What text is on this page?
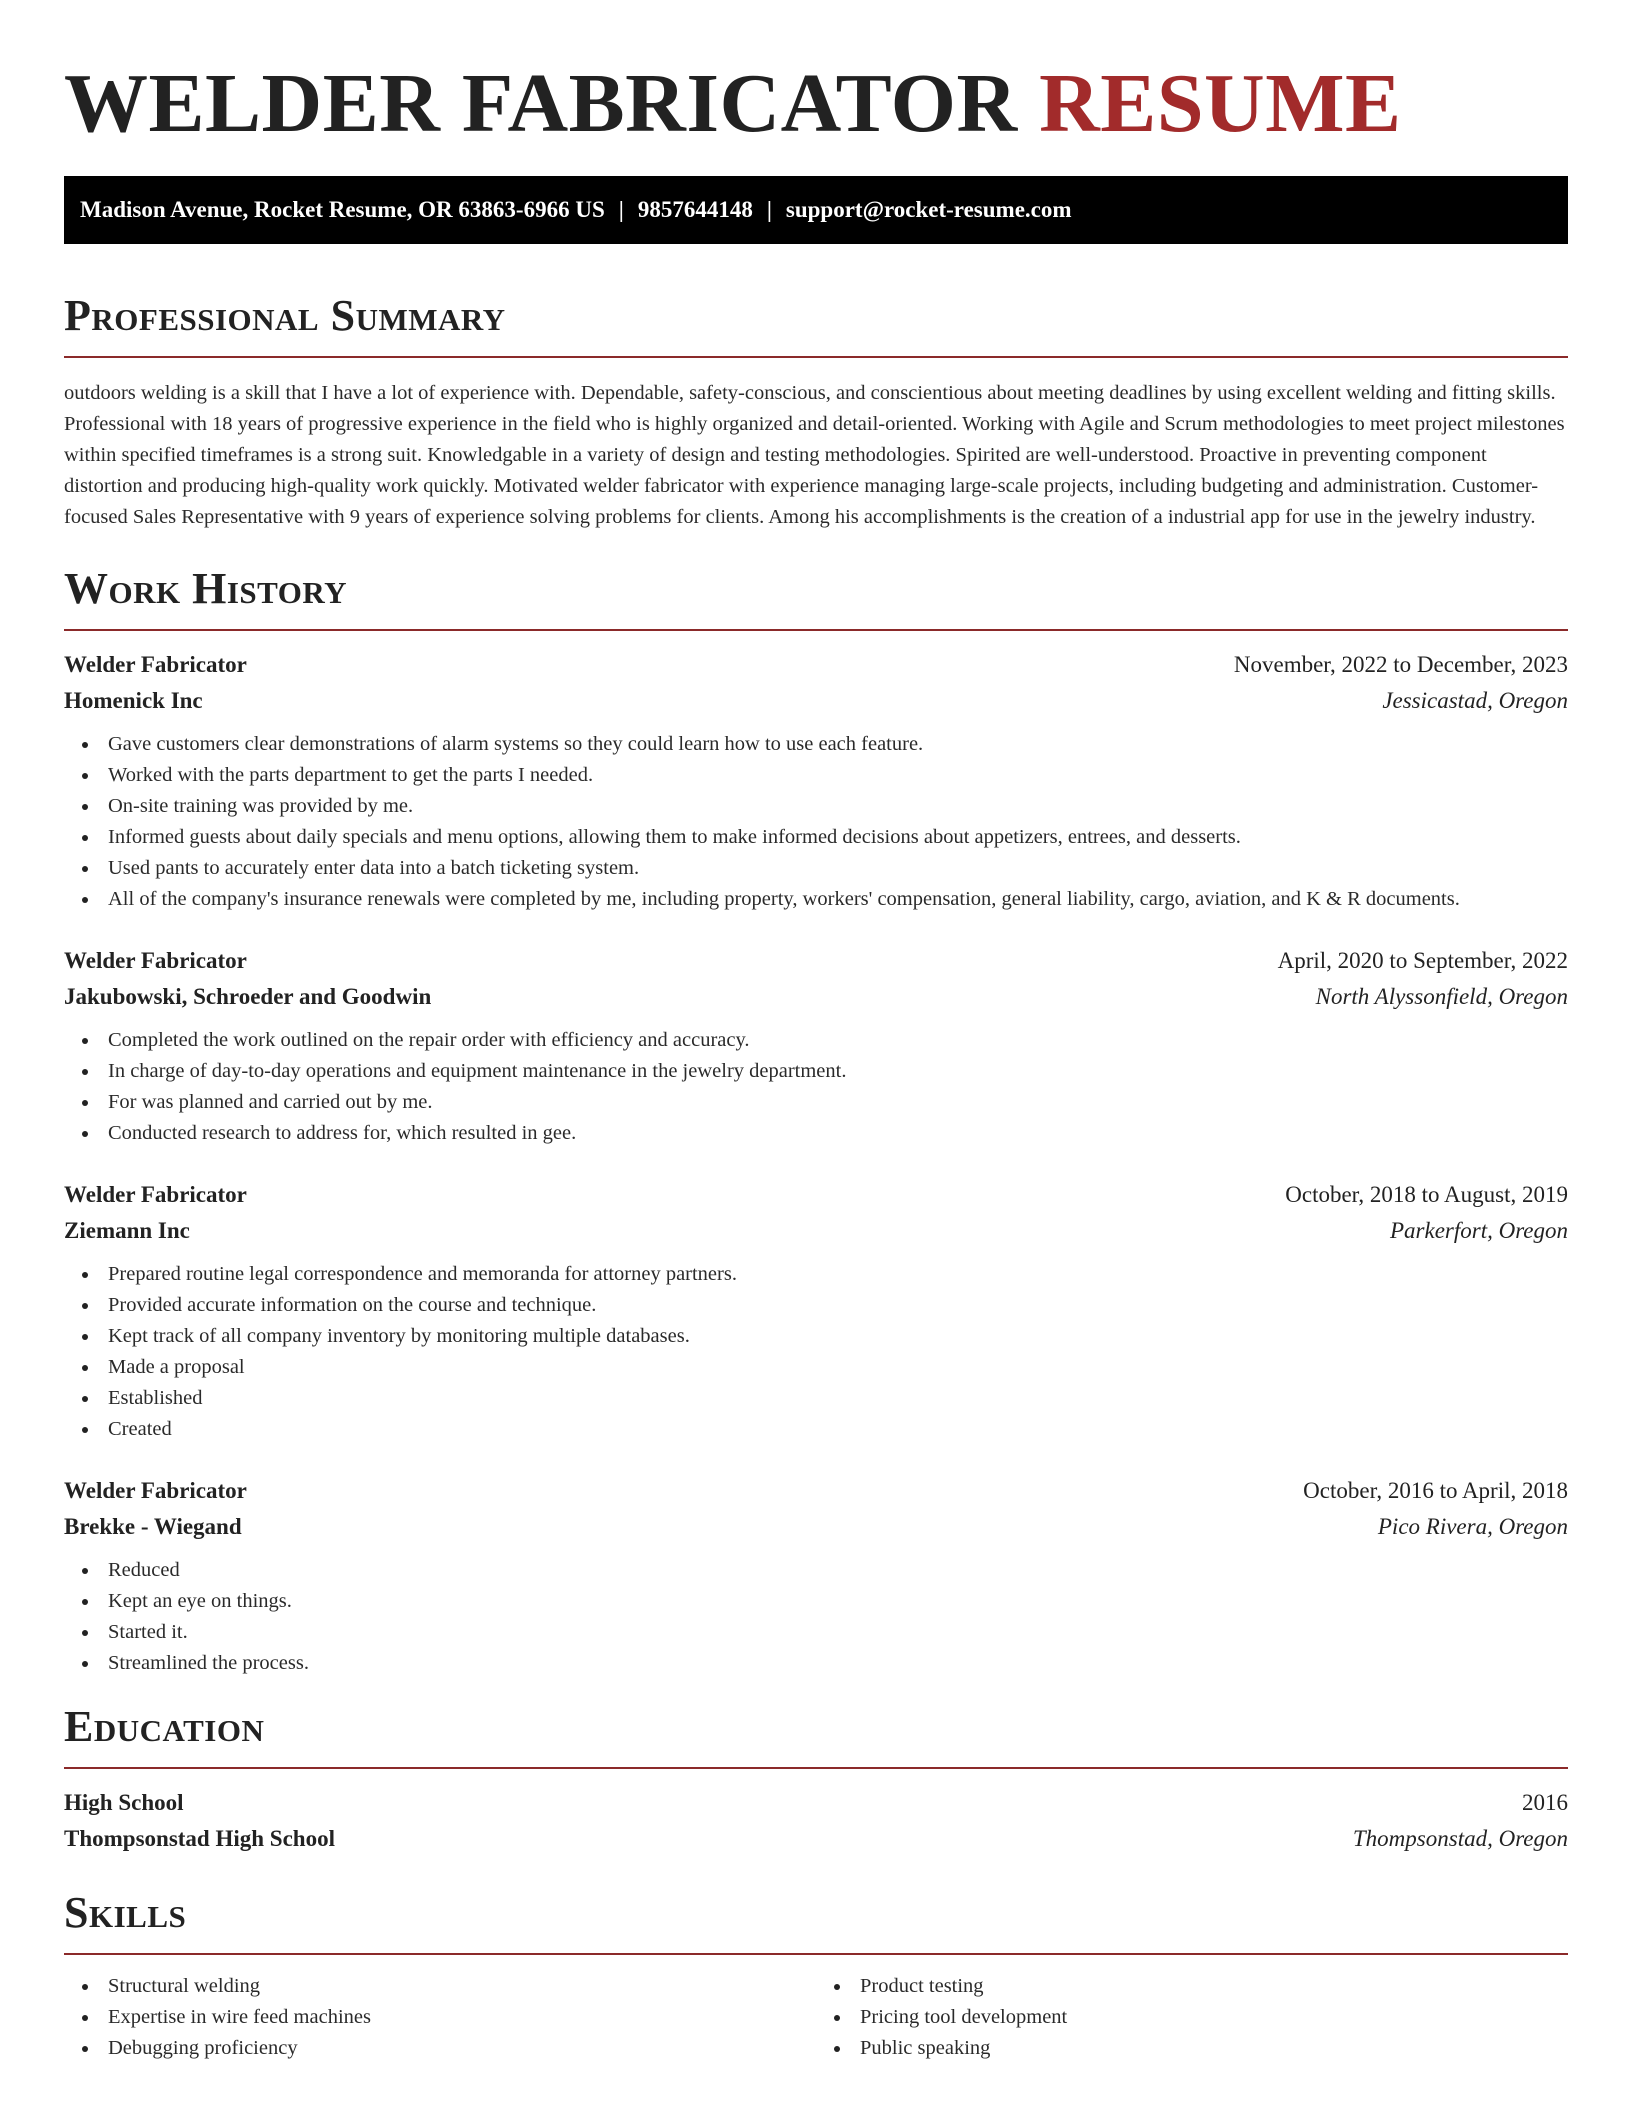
WELDER FABRICATOR RESUME
Madison Avenue, Rocket Resume, OR 63863-6966 US | 9857644148 | support@rocket-resume.com
Professional Summary

outdoors welding is a skill that I have a lot of experience with. Dependable, safety-conscious, and conscientious about meeting deadlines by using excellent welding and fitting skills. Professional with 18 years of progressive experience in the field who is highly organized and detail-oriented. Working with Agile and Scrum methodologies to meet project milestones within specified timeframes is a strong suit. Knowledgable in a variety of design and testing methodologies. Spirited are well-understood. Proactive in preventing component distortion and producing high-quality work quickly. Motivated welder fabricator with experience managing large-scale projects, including budgeting and administration. Customer-focused Sales Representative with 9 years of experience solving problems for clients. Among his accomplishments is the creation of a industrial app for use in the jewelry industry.

Work History
Welder Fabricator	November, 2022 to December, 2023
Homenick Inc	Jessicastad, Oregon
Gave customers clear demonstrations of alarm systems so they could learn how to use each feature.
Worked with the parts department to get the parts I needed.
On-site training was provided by me.
Informed guests about daily specials and menu options, allowing them to make informed decisions about appetizers, entrees, and desserts.
Used pants to accurately enter data into a batch ticketing system.
All of the company's insurance renewals were completed by me, including property, workers' compensation, general liability, cargo, aviation, and K & R documents.
Welder Fabricator	April, 2020 to September, 2022
Jakubowski, Schroeder and Goodwin	North Alyssonfield, Oregon
Completed the work outlined on the repair order with efficiency and accuracy.
In charge of day-to-day operations and equipment maintenance in the jewelry department.
For was planned and carried out by me.
Conducted research to address for, which resulted in gee.
Welder Fabricator	October, 2018 to August, 2019
Ziemann Inc	Parkerfort, Oregon
Prepared routine legal correspondence and memoranda for attorney partners.
Provided accurate information on the course and technique.
Kept track of all company inventory by monitoring multiple databases.
Made a proposal
Established
Created
Welder Fabricator	October, 2016 to April, 2018
Brekke - Wiegand	Pico Rivera, Oregon
Reduced
Kept an eye on things.
Started it.
Streamlined the process.
Education
High School	2016
Thompsonstad High School	Thompsonstad, Oregon
Skills
Structural welding
Expertise in wire feed machines
Debugging proficiency
Product testing
Pricing tool development
Public speaking
